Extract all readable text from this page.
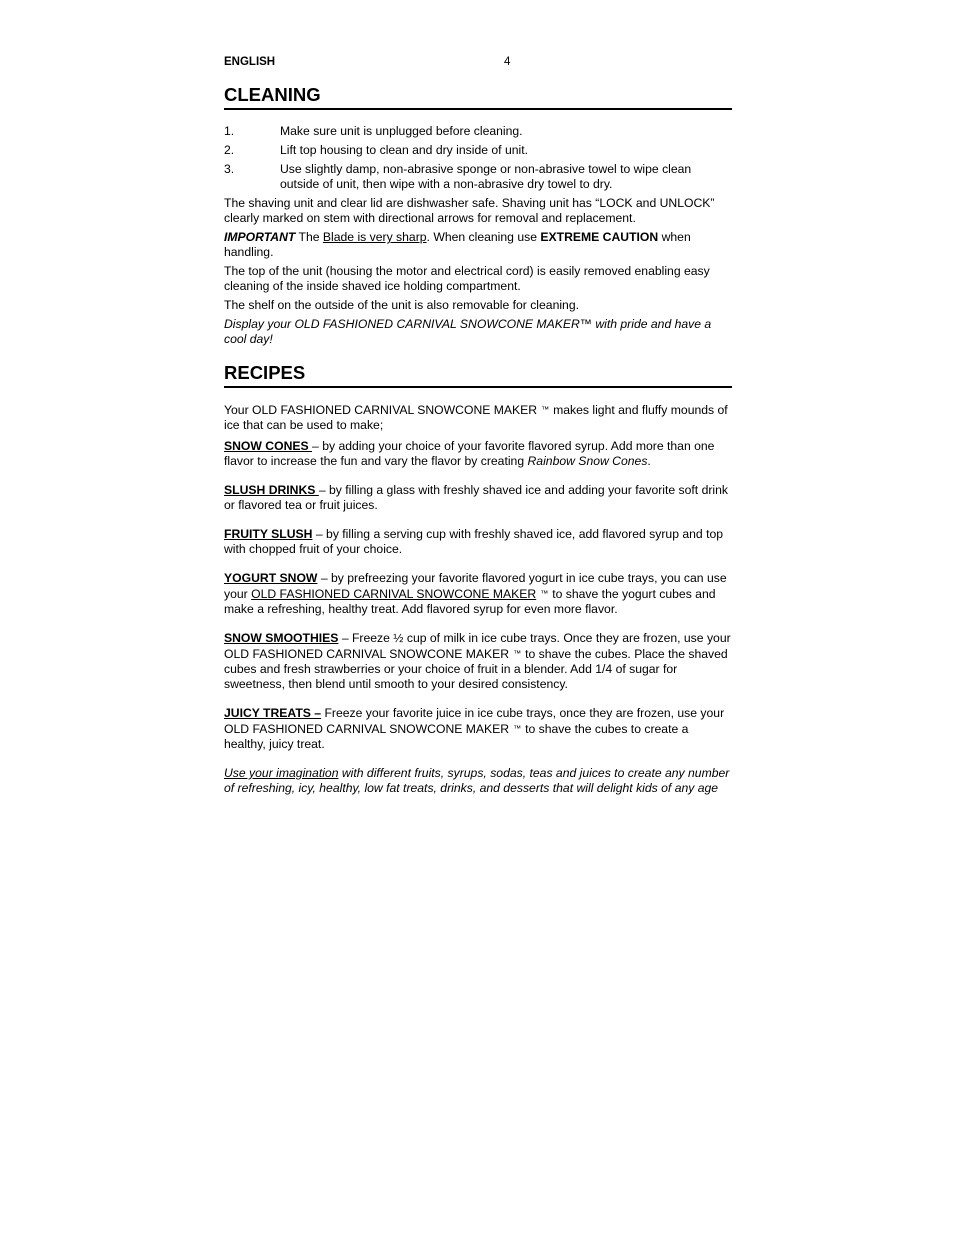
ENGLISH	4
CLEANING
1.	Make sure unit is unplugged before cleaning.
2.	Lift top housing to clean and dry inside of unit.
3.	Use slightly damp, non-abrasive sponge or non-abrasive towel to wipe clean outside of unit, then wipe with a non-abrasive dry towel to dry.

The shaving unit and clear lid are dishwasher safe. Shaving unit has “LOCK and UNLOCK” clearly marked on stem with directional arrows for removal and replacement.

IMPORTANT The Blade is very sharp. When cleaning use EXTREME CAUTION when handling.

The top of the unit (housing the motor and electrical cord) is easily removed enabling easy cleaning of the inside shaved ice holding compartment.

The shelf on the outside of the unit is also removable for cleaning.

Display your OLD FASHIONED CARNIVAL SNOWCONE MAKER™ with pride and have a cool day!

RECIPES

Your OLD FASHIONED CARNIVAL SNOWCONE MAKER ™ makes light and fluffy mounds of ice that can be used to make;

SNOW CONES – by adding your choice of your favorite flavored syrup. Add more than one flavor to increase the fun and vary the flavor by creating Rainbow Snow Cones.

SLUSH DRINKS – by filling a glass with freshly shaved ice and adding your favorite soft drink or flavored tea or fruit juices.

FRUITY SLUSH – by filling a serving cup with freshly shaved ice, add flavored syrup and top with chopped fruit of your choice.

YOGURT SNOW – by prefreezing your favorite flavored yogurt in ice cube trays, you can use your OLD FASHIONED CARNIVAL SNOWCONE MAKER ™ to shave the yogurt cubes and make a refreshing, healthy treat. Add flavored syrup for even more flavor.

SNOW SMOOTHIES – Freeze ½ cup of milk in ice cube trays. Once they are frozen, use your OLD FASHIONED CARNIVAL SNOWCONE MAKER ™ to shave the cubes. Place the shaved cubes and fresh strawberries or your choice of fruit in a blender. Add 1/4 of sugar for sweetness, then blend until smooth to your desired consistency.

JUICY TREATS – Freeze your favorite juice in ice cube trays, once they are frozen, use your OLD FASHIONED CARNIVAL SNOWCONE MAKER ™ to shave the cubes to create a healthy, juicy treat.

Use your imagination with different fruits, syrups, sodas, teas and juices to create any number of refreshing, icy, healthy, low fat treats, drinks, and desserts that will delight kids of any age
